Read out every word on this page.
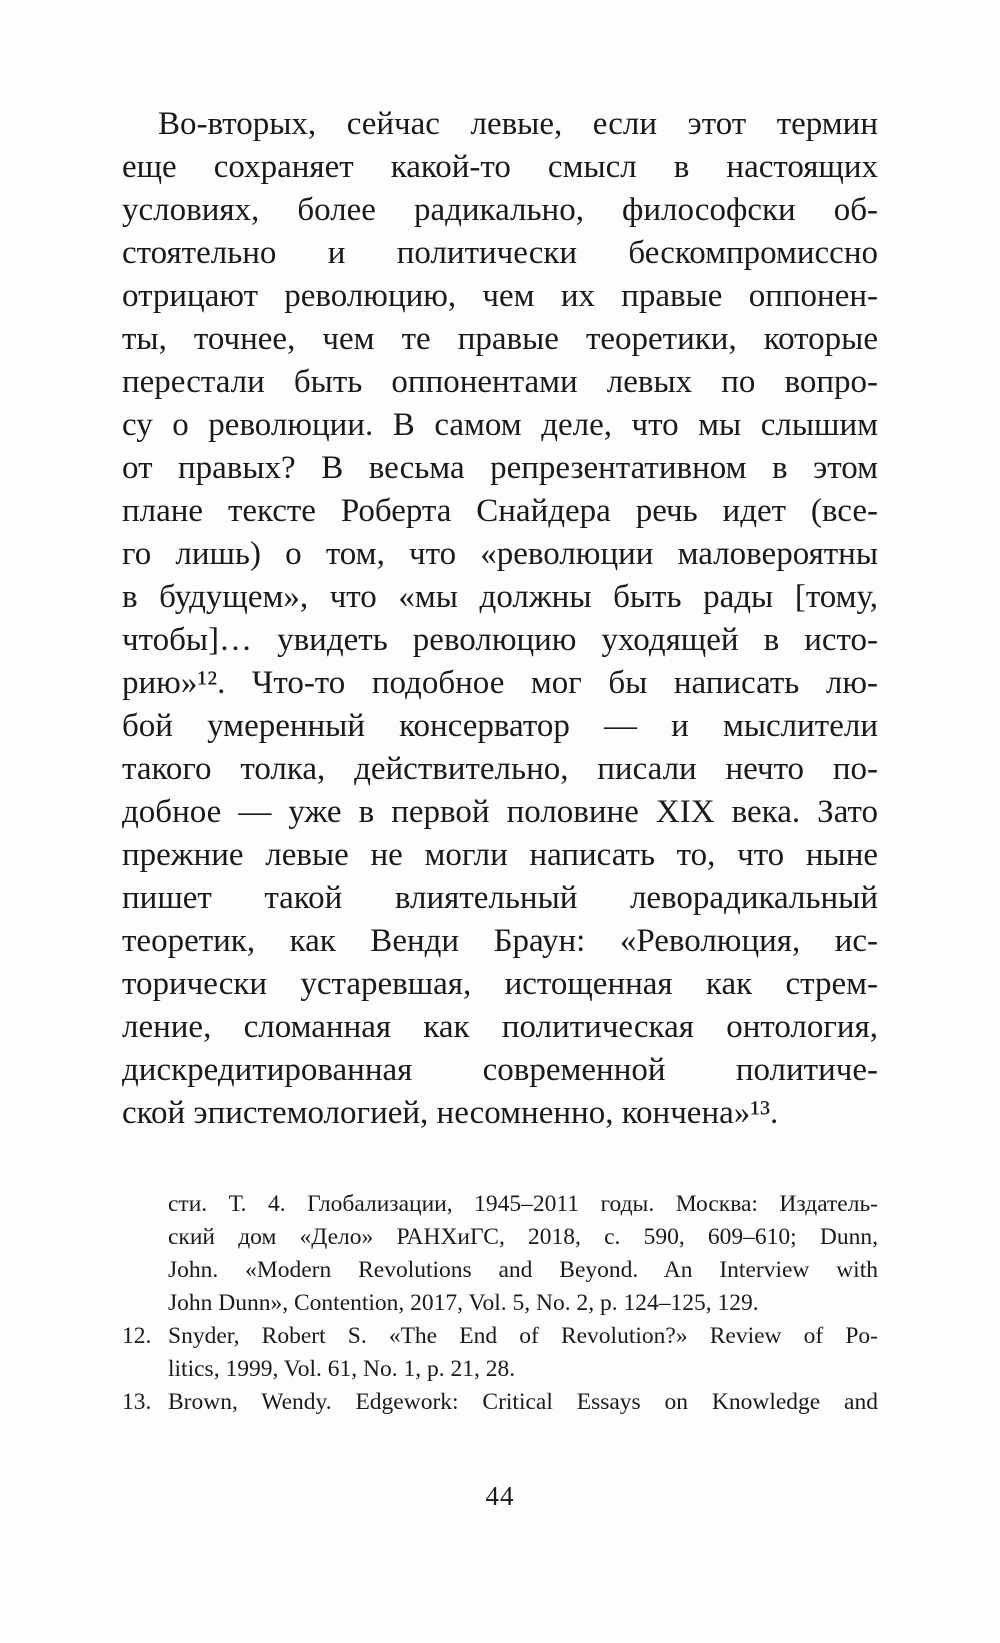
Во-вторых, сейчас левые, если этот термин
еще сохраняет какой-то смысл в настоящих
условиях, более радикально, философски об-
стоятельно и политически бескомпромиссно
отрицают революцию, чем их правые оппонен-
ты, точнее, чем те правые теоретики, которые
перестали быть оппонентами левых по вопро-
су о революции. В самом деле, что мы слышим
от правых? В весьма репрезентативном в этом
плане тексте Роберта Снайдера речь идет (все-
го лишь) о том, что «революции маловероятны
в будущем», что «мы должны быть рады [тому,
чтобы]… увидеть революцию уходящей в исто-
рию»¹². Что-то подобное мог бы написать лю-
бой умеренный консерватор — и мыслители
такого толка, действительно, писали нечто по-
добное — уже в первой половине XIX века. Зато
прежние левые не могли написать то, что ныне
пишет такой влиятельный леворадикальный
теоретик, как Венди Браун: «Революция, ис-
торически устаревшая, истощенная как стрем-
ление, сломанная как политическая онтология,
дискредитированная современной политиче-
ской эпистемологией, несомненно, кончена»¹³.
сти. Т. 4. Глобализации, 1945–2011 годы. Москва: Издатель-
ский дом «Дело» РАНХиГС, 2018, с. 590, 609–610; Dunn,
John. «Modern Revolutions and Beyond. An Interview with
John Dunn», Contention, 2017, Vol. 5, No. 2, p. 124–125, 129.
12. Snyder, Robert S. «The End of Revolution?» Review of Po-
litics, 1999, Vol. 61, No. 1, p. 21, 28.
13. Brown, Wendy. Edgework: Critical Essays on Knowledge and
44
